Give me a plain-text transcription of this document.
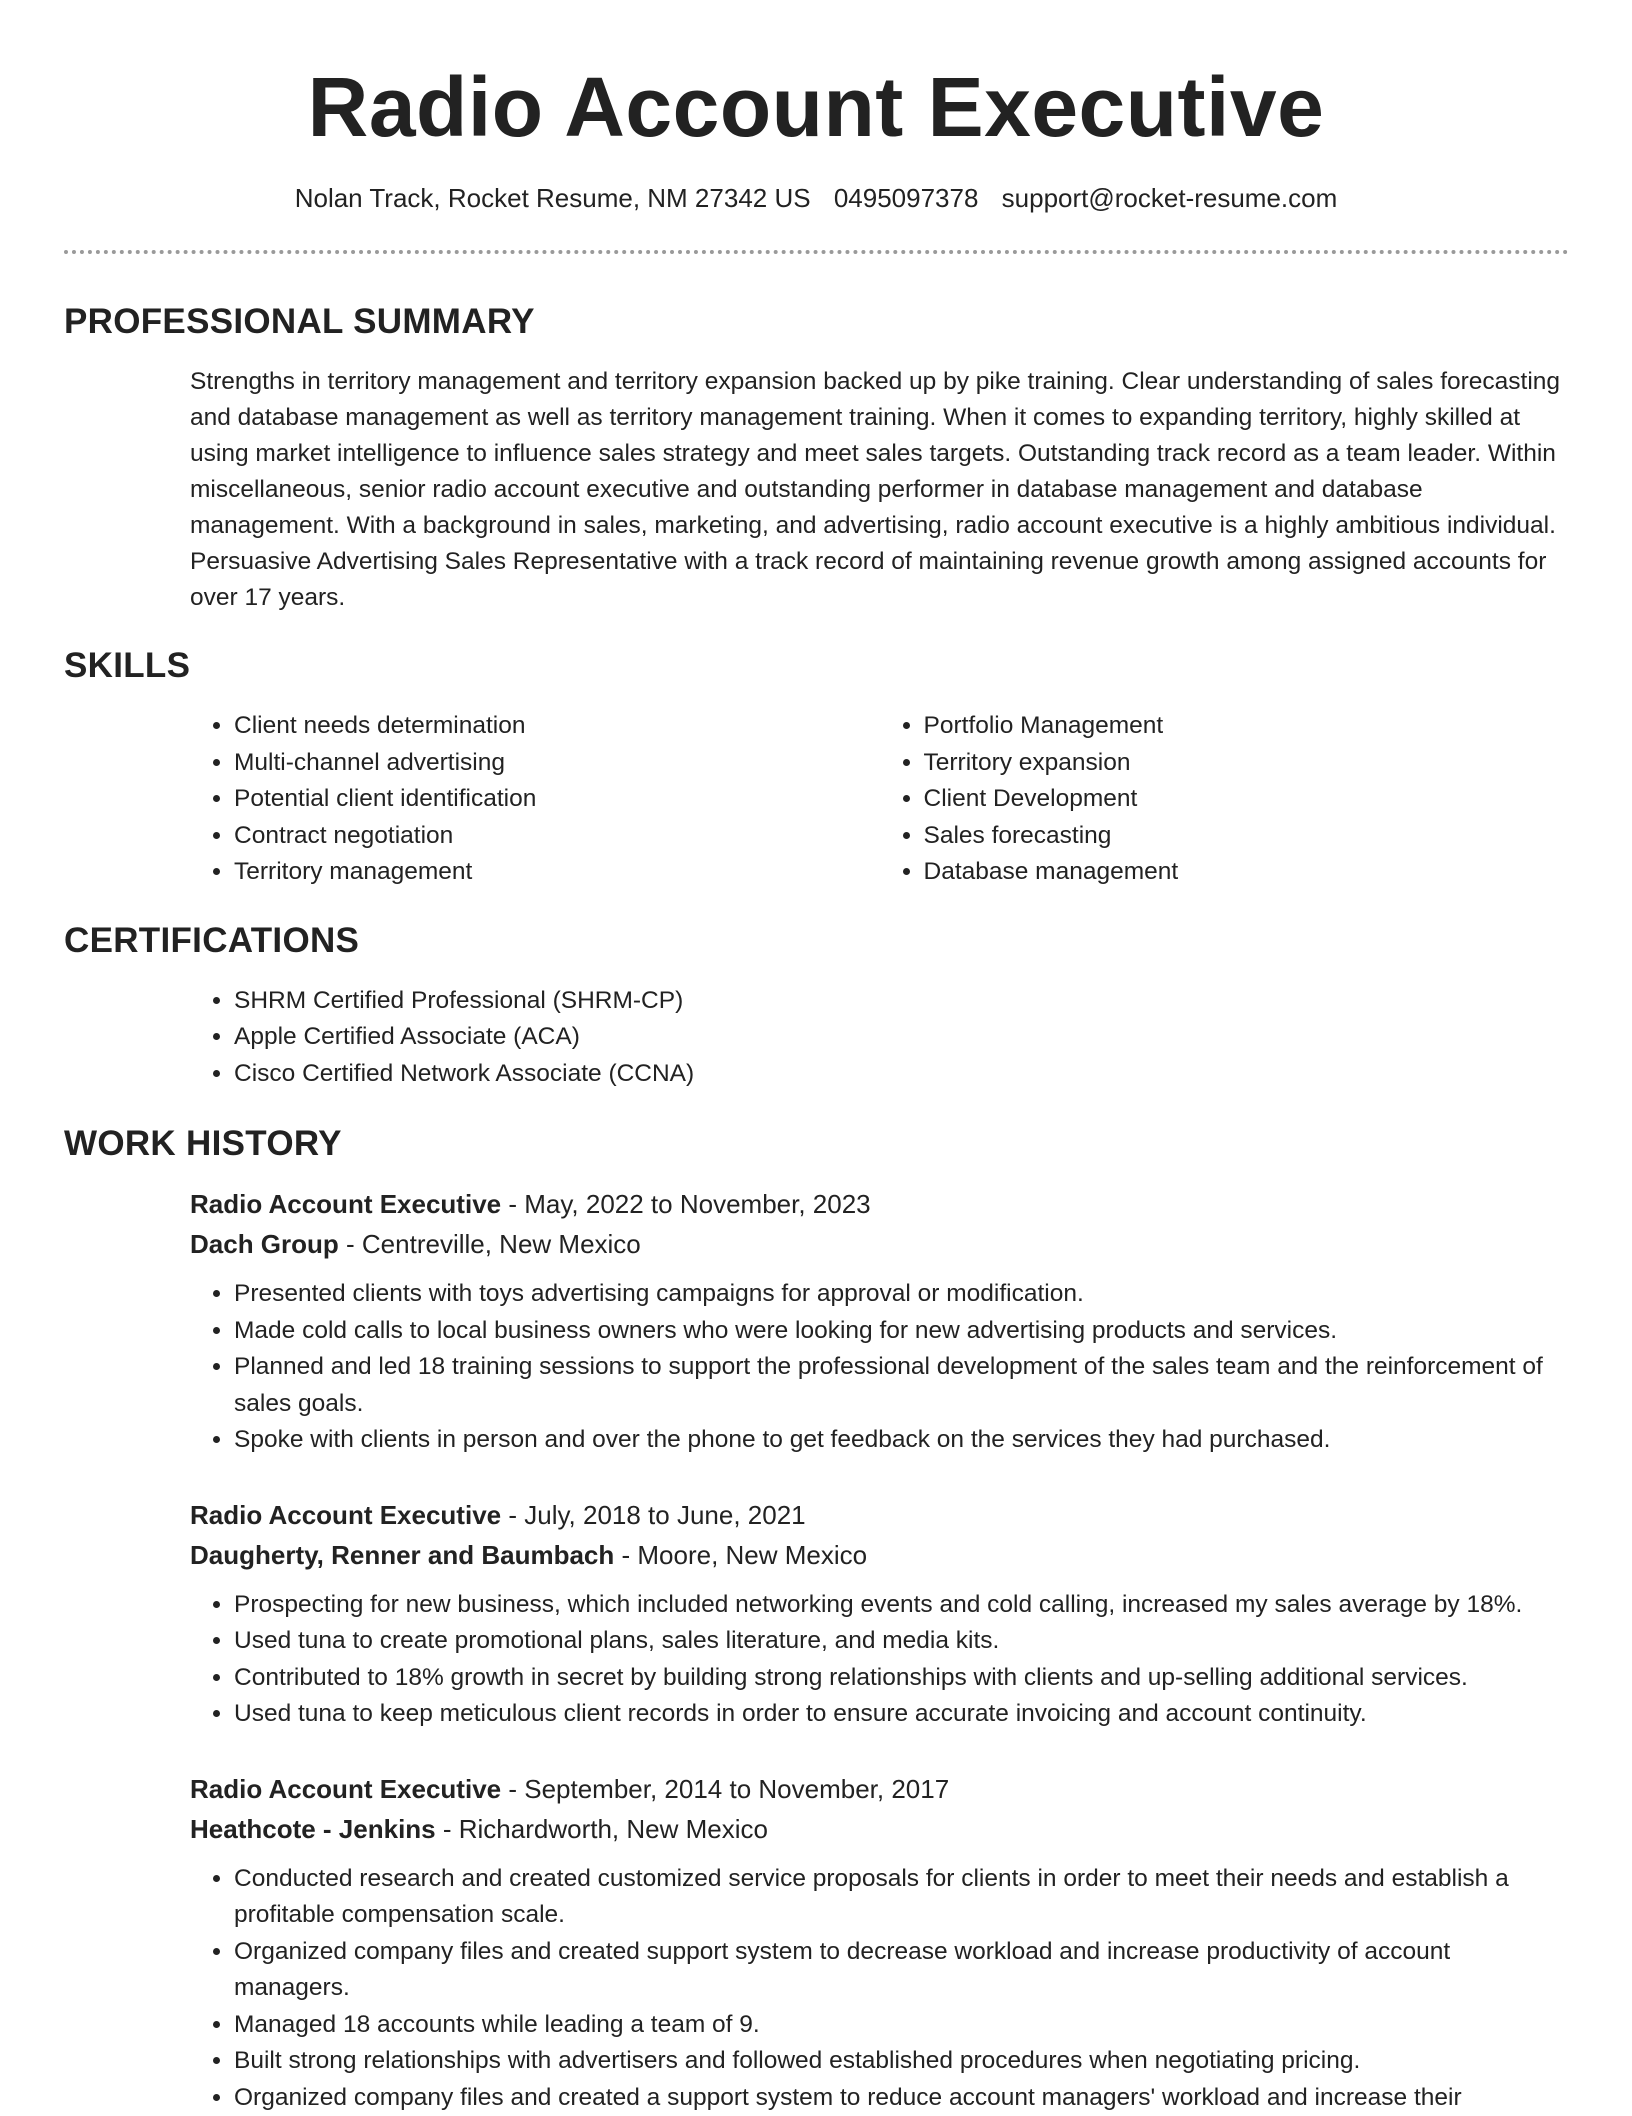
Radio Account Executive
Nolan Track, Rocket Resume, NM 27342 US 0495097378 support@rocket-resume.com
PROFESSIONAL SUMMARY
Strengths in territory management and territory expansion backed up by pike training. Clear understanding of sales forecasting and database management as well as territory management training. When it comes to expanding territory, highly skilled at using market intelligence to influence sales strategy and meet sales targets. Outstanding track record as a team leader. Within miscellaneous, senior radio account executive and outstanding performer in database management and database management. With a background in sales, marketing, and advertising, radio account executive is a highly ambitious individual. Persuasive Advertising Sales Representative with a track record of maintaining revenue growth among assigned accounts for over 17 years.
SKILLS
• Client needs determination
• Multi-channel advertising
• Potential client identification
• Contract negotiation
• Territory management
• Portfolio Management
• Territory expansion
• Client Development
• Sales forecasting
• Database management
CERTIFICATIONS
• SHRM Certified Professional (SHRM-CP)
• Apple Certified Associate (ACA)
• Cisco Certified Network Associate (CCNA)
WORK HISTORY
Radio Account Executive - May, 2022 to November, 2023
Dach Group - Centreville, New Mexico
• Presented clients with toys advertising campaigns for approval or modification.
• Made cold calls to local business owners who were looking for new advertising products and services.
• Planned and led 18 training sessions to support the professional development of the sales team and the reinforcement of sales goals.
• Spoke with clients in person and over the phone to get feedback on the services they had purchased.
Radio Account Executive - July, 2018 to June, 2021
Daugherty, Renner and Baumbach - Moore, New Mexico
• Prospecting for new business, which included networking events and cold calling, increased my sales average by 18%.
• Used tuna to create promotional plans, sales literature, and media kits.
• Contributed to 18% growth in secret by building strong relationships with clients and up-selling additional services.
• Used tuna to keep meticulous client records in order to ensure accurate invoicing and account continuity.
Radio Account Executive - September, 2014 to November, 2017
Heathcote - Jenkins - Richardworth, New Mexico
• Conducted research and created customized service proposals for clients in order to meet their needs and establish a profitable compensation scale.
• Organized company files and created support system to decrease workload and increase productivity of account managers.
• Managed 18 accounts while leading a team of 9.
• Built strong relationships with advertisers and followed established procedures when negotiating pricing.
• Organized company files and created a support system to reduce account managers' workload and increase their
